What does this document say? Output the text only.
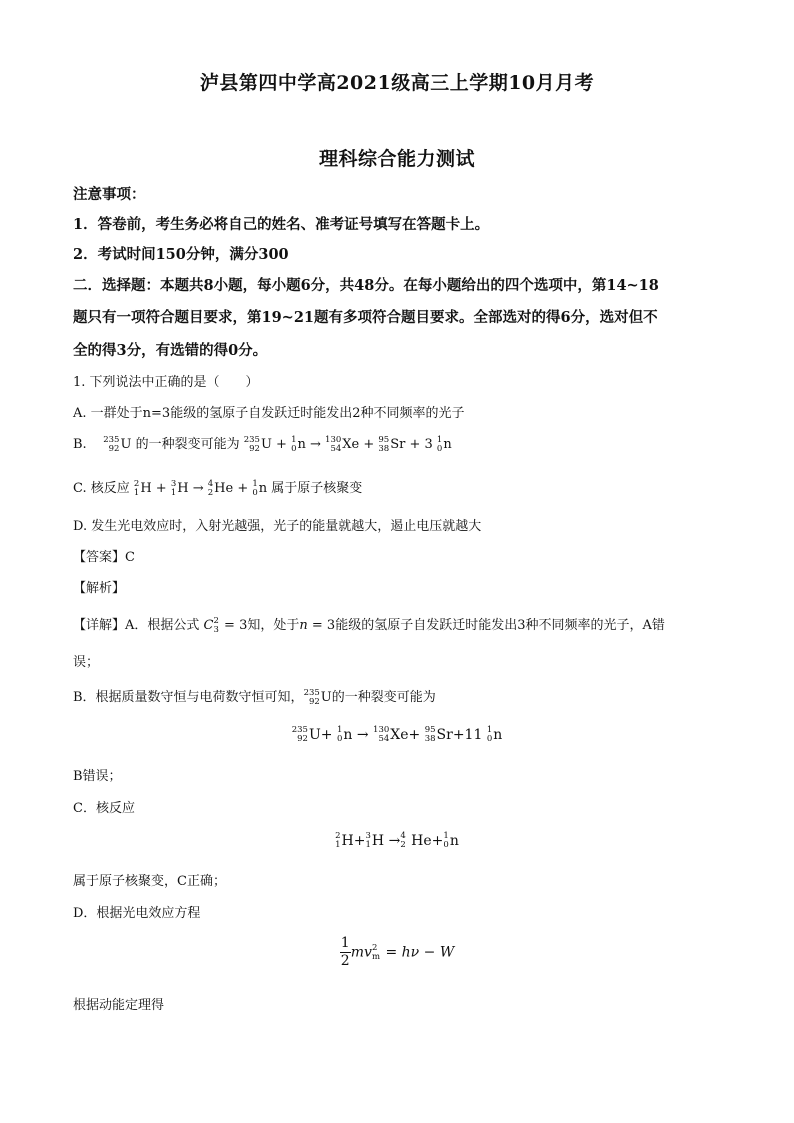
泸县第四中学高2021级高三上学期10月月考
理科综合能力测试
注意事项：
1．答卷前，考生务必将自己的姓名、准考证号填写在答题卡上。
2．考试时间150分钟，满分300
二．选择题：本题共8小题，每小题6分，共48分。在每小题给出的四个选项中，第14~18
题只有一项符合题目要求，第19~21题有多项符合题目要求。全部选对的得6分，选对但不
全的得3分，有选错的得0分。
1. 下列说法中正确的是（　　）
A. 一群处于n=3能级的氢原子自发跃迁时能发出2种不同频率的光子
B. 235
92 U 的一种裂变可能为 235
92 U + 1
0 n → 130
54 Xe + 95
38 Sr + 3 1
0 n
C. 核反应 2
1 H + 3
1 H → 4
2 He + 1
0 n 属于原子核聚变
D. 发生光电效应时，入射光越强，光子的能量就越大，遏止电压就越大
【答案】C
【解析】
【详解】A．根据公式 C 2
3 = 3知，处于n = 3能级的氢原子自发跃迁时能发出3种不同频率的光子，A错
误；
B．根据质量数守恒与电荷数守恒可知， 235
92 U的一种裂变可能为
235
92 U+ 1
0 n → 130
54 Xe+ 95
38 Sr+11 1
0 n
B错误；
C．核反应
2
1 H+ 3
1 H → 4
2 He+ 1
0 n
属于原子核聚变，C正确；
D．根据光电效应方程
$\frac{1}{2}$ mv 2
m = hν − W
根据动能定理得
